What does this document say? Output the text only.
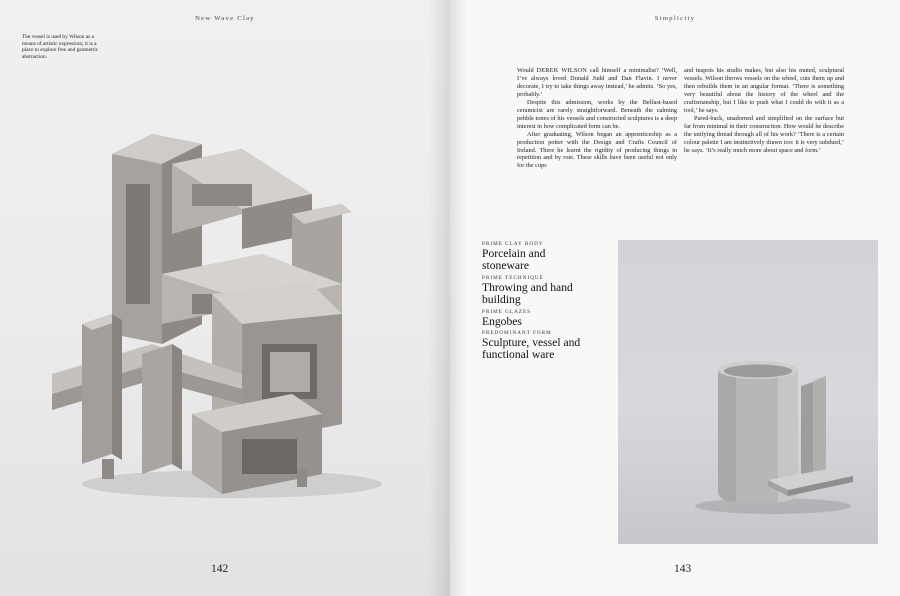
New Wave Clay
The vessel is used by Wilson as a means of artistic expression; it is a place to explore free and geometric abstraction.
142
Simplicity

Would DEREK WILSON call himself a minimalist? ‘Well, I’ve always loved Donald Judd and Dan Flavin. I never decorate, I try to take things away instead,’ he admits. ‘So yes, probably.’

Despite this admission, works by the Belfast-based ceramicist are rarely straightforward. Beneath the calming pebble tones of his vessels and constructed sculptures is a deep interest in how complicated form can be.

After graduating, Wilson began an apprenticeship as a production potter with the Design and Crafts Council of Ireland. There he learnt the rigidity of producing things in repetition and by rote. These skills have been useful not only for the cups

and teapots his studio makes, but also his muted, sculptural vessels. Wilson throws vessels on the wheel, cuts them up and then rebuilds them in an angular format. ‘There is something very beautiful about the history of the wheel and the craftsmanship, but I like to push what I could do with it as a tool,’ he says.

Pared-back, unadorned and simplified on the surface but far from minimal in their construction. How would he describe the unifying thread through all of his work? ‘There is a certain colour palette I am instinctively drawn too: it is very subdued,’ he says. ‘It’s really much more about space and form.’

PRIME CLAY BODY
Porcelain and stoneware
PRIME TECHNIQUE
Throwing and hand building
PRIME GLAZES
Engobes
PREDOMINANT FORM
Sculpture, vessel and functional ware
143
